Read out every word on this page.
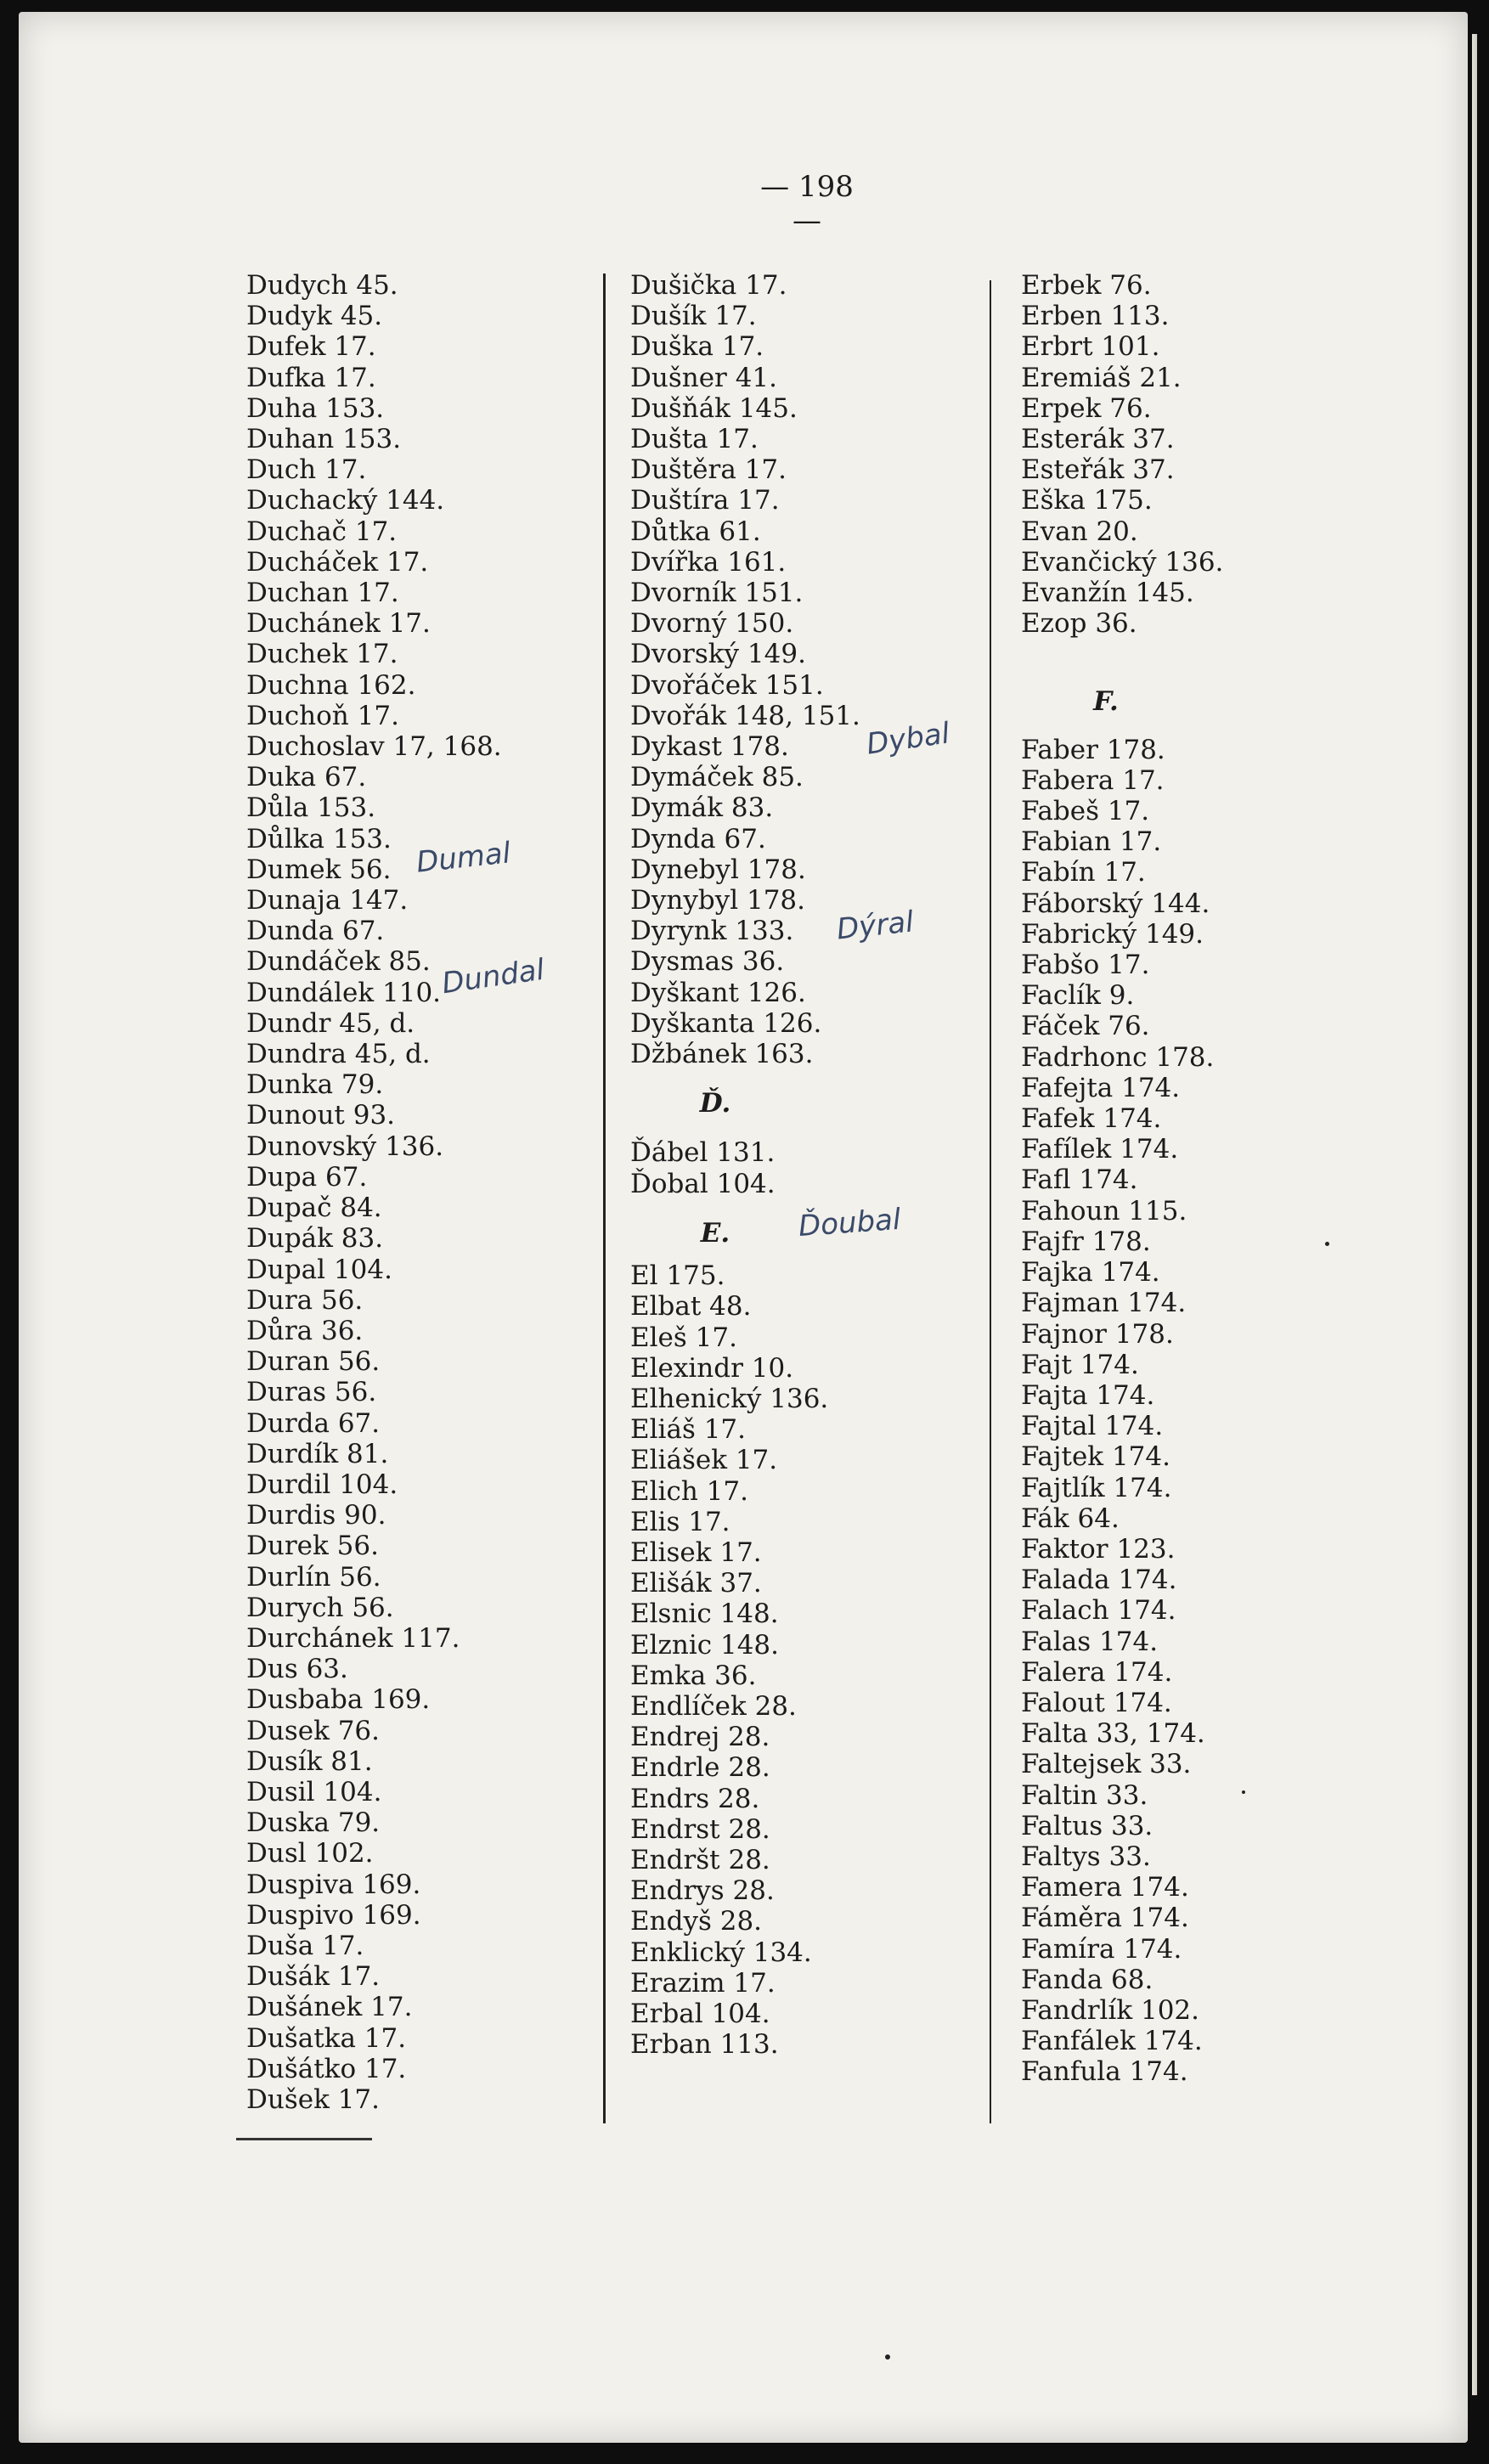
— 198 —
Dudych 45.
Dudyk 45.
Dufek 17.
Dufka 17.
Duha 153.
Duhan 153.
Duch 17.
Duchacký 144.
Duchač 17.
Ducháček 17.
Duchan 17.
Duchánek 17.
Duchek 17.
Duchna 162.
Duchoň 17.
Duchoslav 17, 168.
Duka 67.
Důla 153.
Důlka 153.
Dumek 56.
Dunaja 147.
Dunda 67.
Dundáček 85.
Dundálek 110.
Dundr 45, d.
Dundra 45, d.
Dunka 79.
Dunout 93.
Dunovský 136.
Dupa 67.
Dupač 84.
Dupák 83.
Dupal 104.
Dura 56.
Důra 36.
Duran 56.
Duras 56.
Durda 67.
Durdík 81.
Durdil 104.
Durdis 90.
Durek 56.
Durlín 56.
Durych 56.
Durchánek 117.
Dus 63.
Dusbaba 169.
Dusek 76.
Dusík 81.
Dusil 104.
Duska 79.
Dusl 102.
Duspiva 169.
Duspivo 169.
Duša 17.
Dušák 17.
Dušánek 17.
Dušatka 17.
Dušátko 17.
Dušek 17.
Dušička 17.
Dušík 17.
Duška 17.
Dušner 41.
Dušňák 145.
Dušta 17.
Duštěra 17.
Duštíra 17.
Důtka 61.
Dvířka 161.
Dvorník 151.
Dvorný 150.
Dvorský 149.
Dvořáček 151.
Dvořák 148, 151.
Dykast 178.
Dymáček 85.
Dymák 83.
Dynda 67.
Dynebyl 178.
Dynybyl 178.
Dyrynk 133.
Dysmas 36.
Dyškant 126.
Dyškanta 126.
Džbánek 163.
Ď.
Ďábel 131.
Ďobal 104.
E.
El 175.
Elbat 48.
Eleš 17.
Elexindr 10.
Elhenický 136.
Eliáš 17.
Eliášek 17.
Elich 17.
Elis 17.
Elisek 17.
Elišák 37.
Elsnic 148.
Elznic 148.
Emka 36.
Endlíček 28.
Endrej 28.
Endrle 28.
Endrs 28.
Endrst 28.
Endršt 28.
Endrys 28.
Endyš 28.
Enklický 134.
Erazim 17.
Erbal 104.
Erban 113.
Erbek 76.
Erben 113.
Erbrt 101.
Eremiáš 21.
Erpek 76.
Esterák 37.
Esteřák 37.
Eška 175.
Evan 20.
Evančický 136.
Evanžín 145.
Ezop 36.
F.
Faber 178.
Fabera 17.
Fabeš 17.
Fabian 17.
Fabín 17.
Fáborský 144.
Fabrický 149.
Fabšo 17.
Faclík 9.
Fáček 76.
Fadrhonc 178.
Fafejta 174.
Fafek 174.
Fafílek 174.
Fafl 174.
Fahoun 115.
Fajfr 178.
Fajka 174.
Fajman 174.
Fajnor 178.
Fajt 174.
Fajta 174.
Fajtal 174.
Fajtek 174.
Fajtlík 174.
Fák 64.
Faktor 123.
Falada 174.
Falach 174.
Falas 174.
Falera 174.
Falout 174.
Falta 33, 174.
Faltejsek 33.
Faltin 33.
Faltus 33.
Faltys 33.
Famera 174.
Fáměra 174.
Famíra 174.
Fanda 68.
Fandrlík 102.
Fanfálek 174.
Fanfula 174.
Dumal
Dundal
Dybal
Dýral
Ďoubal
